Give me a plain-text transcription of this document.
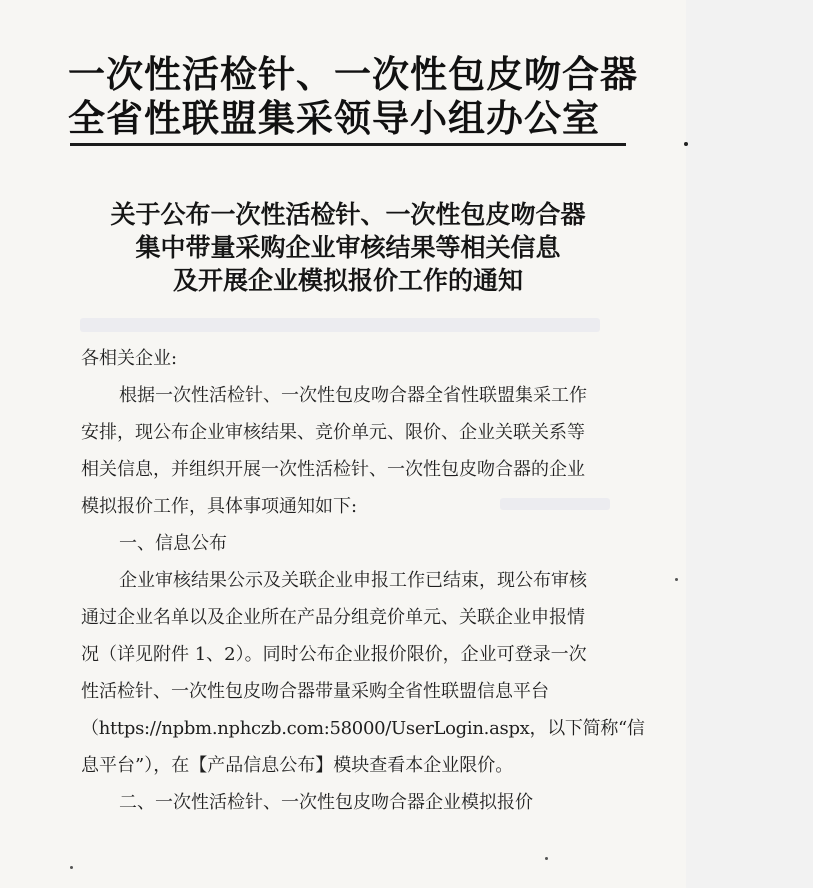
一次性活检针、一次性包皮吻合器
全省性联盟集采领导小组办公室
关于公布一次性活检针、一次性包皮吻合器
集中带量采购企业审核结果等相关信息
及开展企业模拟报价工作的通知

各相关企业:

根据一次性活检针、一次性包皮吻合器全省性联盟集采工作

安排，现公布企业审核结果、竞价单元、限价、企业关联关系等

相关信息，并组织开展一次性活检针、一次性包皮吻合器的企业

模拟报价工作，具体事项通知如下:

一、信息公布

企业审核结果公示及关联企业申报工作已结束，现公布审核

通过企业名单以及企业所在产品分组竞价单元、关联企业申报情

况（详见附件 1、2）。同时公布企业报价限价，企业可登录一次

性活检针、一次性包皮吻合器带量采购全省性联盟信息平台

（https://npbm.nphczb.com:58000/UserLogin.aspx，以下简称“信

息平台”），在【产品信息公布】模块查看本企业限价。

二、一次性活检针、一次性包皮吻合器企业模拟报价
